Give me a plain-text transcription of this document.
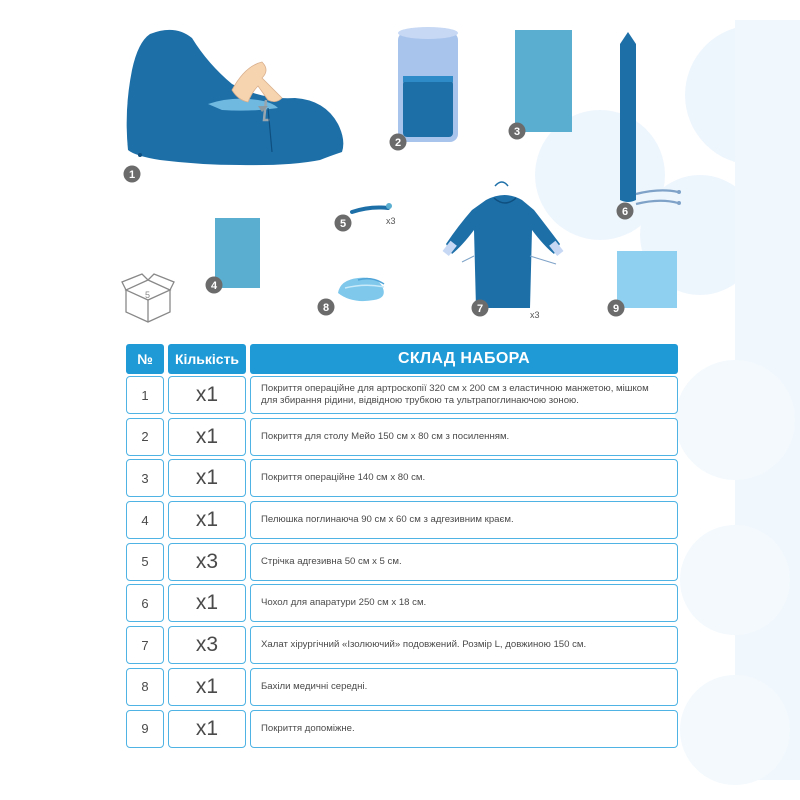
x3
5
x3
1
2
3
4
5
6
7
8	9
№	Кількість	СКЛАД НАБОРА
1	x1	Покриття операційне для артроскопії 320 см х 200 см з еластичною манжетою, мішком для збирання рідини, відвідною трубкою та ультрапоглинаючою зоною.
2	x1	Покриття для столу Мейо 150 см х 80 см з посиленням.
3	x1	Покриття операційне 140 см х 80 см.
4	x1	Пелюшка поглинаюча 90 см х 60 см з адгезивним краєм.
5	x3	Стрічка адгезивна 50 см х 5 см.
6	x1	Чохол для апаратури 250 см х 18 см.
7	x3	Халат хірургічний «Ізолюючий» подовжений. Розмір L, довжиною 150 см.
8	x1	Бахіли медичні середні.
9	x1	Покриття допоміжне.
